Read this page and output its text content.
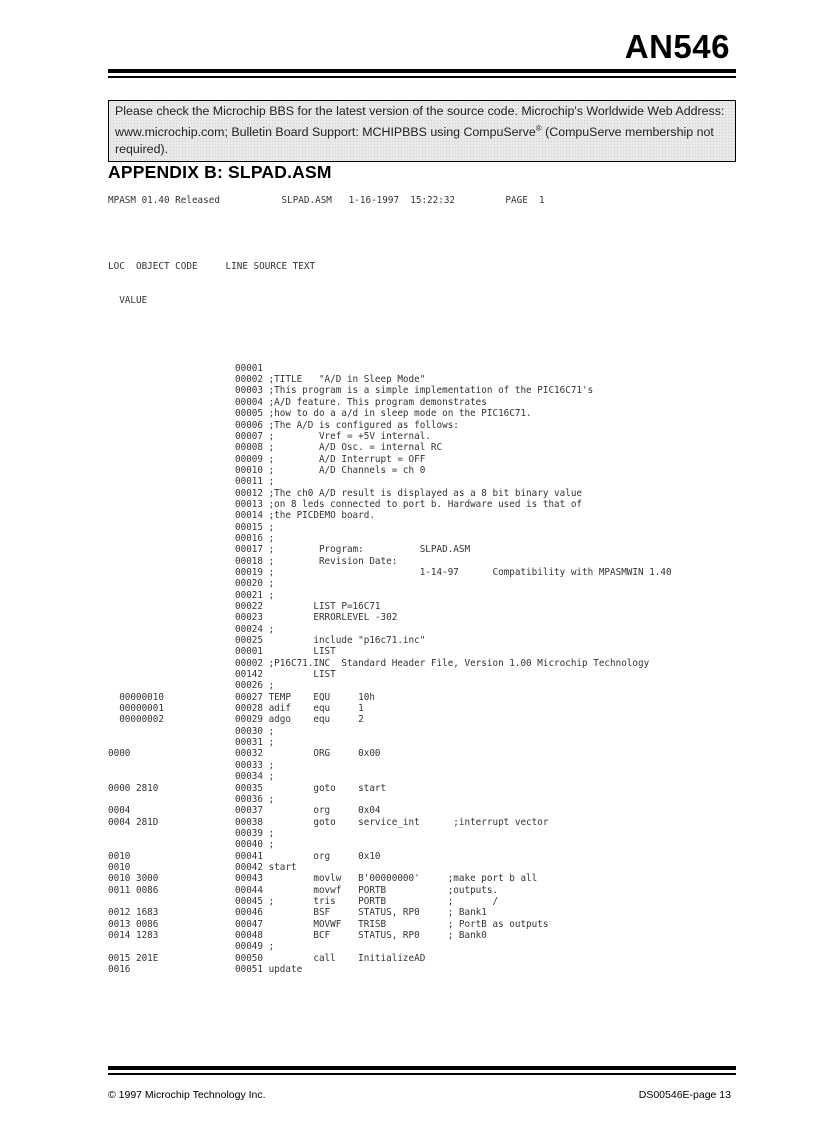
AN546
Please check the Microchip BBS for the latest version of the source code. Microchip's Worldwide Web Address:
www.microchip.com; Bulletin Board Support: MCHIPBBS using CompuServe® (CompuServe membership not
required).
APPENDIX B: SLPAD.ASM
MPASM 01.40 Released           SLPAD.ASM   1-16-1997  15:22:32         PAGE  1

LOC  OBJECT CODE     LINE SOURCE TEXT

VALUE

00001
00002 ;TITLE   "A/D in Sleep Mode"
00003 ;This program is a simple implementation of the PIC16C71's
00004 ;A/D feature. This program demonstrates
00005 ;how to do a a/d in sleep mode on the PIC16C71.
00006 ;The A/D is configured as follows:
00007 ;        Vref = +5V internal.
00008 ;        A/D Osc. = internal RC
00009 ;        A/D Interrupt = OFF
00010 ;        A/D Channels = ch 0
00011 ;
00012 ;The ch0 A/D result is displayed as a 8 bit binary value
00013 ;on 8 leds connected to port b. Hardware used is that of
00014 ;the PICDEMO board.
00015 ;
00016 ;
00017 ;        Program:          SLPAD.ASM
00018 ;        Revision Date:
00019 ;                          1-14-97      Compatibility with MPASMWIN 1.40
00020 ;
00021 ;
00022         LIST P=16C71
00023         ERRORLEVEL -302
00024 ;
00025         include "p16c71.inc"
00001         LIST
00002 ;P16C71.INC  Standard Header File, Version 1.00 Microchip Technology
00142         LIST
00026 ;
00000010	00027 TEMP    EQU     10h
00000001	00028 adif    equ     1
00000002	00029 adgo    equ     2
00030 ;
00031 ;
0000	00032         ORG     0x00
00033 ;
00034 ;
0000 2810	00035         goto    start
00036 ;
0004	00037         org     0x04
0004 281D	00038         goto    service_int      ;interrupt vector
00039 ;
00040 ;
0010	00041         org     0x10
0010	00042 start
0010 3000	00043         movlw   B'00000000'     ;make port b all
0011 0086	00044         movwf   PORTB           ;outputs.
00045 ;       tris    PORTB           ;       /
0012 1683	00046         BSF     STATUS, RP0     ; Bank1
0013 0086	00047         MOVWF   TRISB           ; PortB as outputs
0014 1283	00048         BCF     STATUS, RP0     ; Bank0
00049 ;
0015 201E	00050         call    InitializeAD
0016	00051 update

© 1997 Microchip Technology Inc.	DS00546E-page 13
